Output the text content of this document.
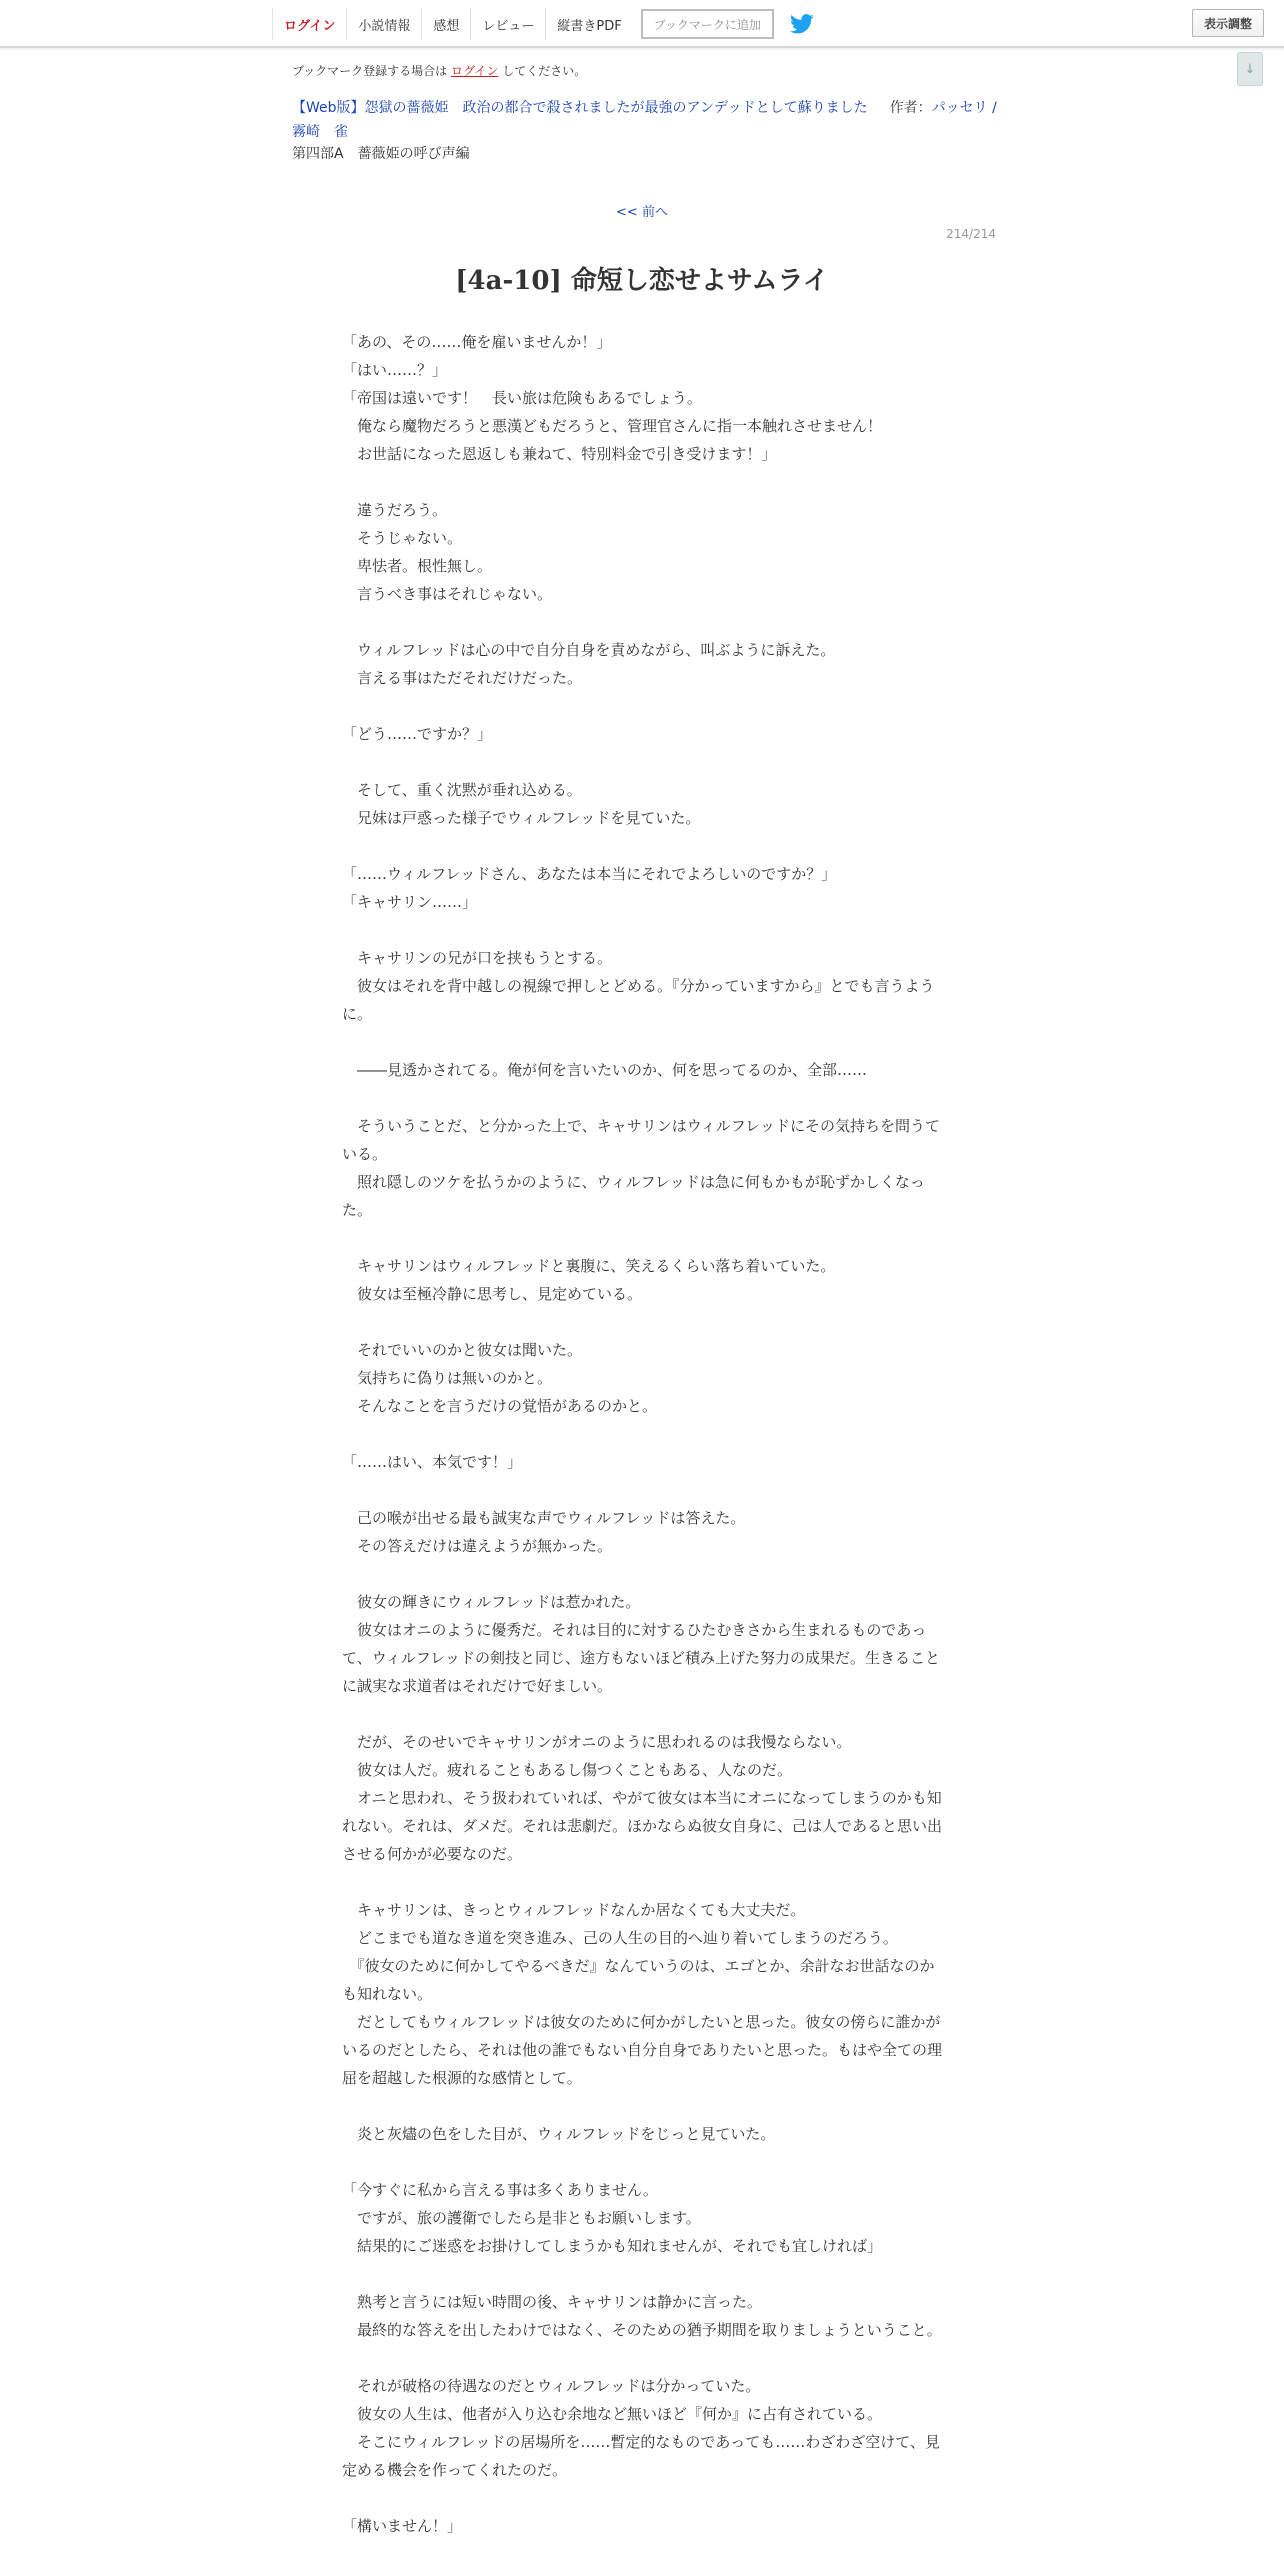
ログイン	小説情報	感想	レビュー	縦書きPDF	ブックマークに追加	表示調整
↓
ブックマーク登録する場合は ログイン してください。
【Web版】怨獄の薔薇姫　政治の都合で殺されましたが最強のアンデッドとして蘇りました 作者：パッセリ / 霧崎　雀
第四部A　薔薇姫の呼び声編
<< 前へ
214/214
[4a-10] 命短し恋せよサムライ

「あの、その……俺を雇いませんか！」

「はい……？」

「帝国は遠いです！　長い旅は危険もあるでしょう。

　俺なら魔物だろうと悪漢どもだろうと、管理官さんに指一本触れさせません！

　お世話になった恩返しも兼ねて、特別料金で引き受けます！」

　違うだろう。

　そうじゃない。

　卑怯者。根性無し。

　言うべき事はそれじゃない。

　ウィルフレッドは心の中で自分自身を責めながら、叫ぶように訴えた。

　言える事はただそれだけだった。

「どう……ですか？」

　そして、重く沈黙が垂れ込める。

　兄妹は戸惑った様子でウィルフレッドを見ていた。

「……ウィルフレッドさん、あなたは本当にそれでよろしいのですか？」

「キャサリン……」

　キャサリンの兄が口を挟もうとする。

　彼女はそれを背中越しの視線で押しとどめる。『分かっていますから』とでも言うように。

　――見透かされてる。俺が何を言いたいのか、何を思ってるのか、全部……

　そういうことだ、と分かった上で、キャサリンはウィルフレッドにその気持ちを問うている。

　照れ隠しのツケを払うかのように、ウィルフレッドは急に何もかもが恥ずかしくなった。

　キャサリンはウィルフレッドと裏腹に、笑えるくらい落ち着いていた。

　彼女は至極冷静に思考し、見定めている。

　それでいいのかと彼女は聞いた。

　気持ちに偽りは無いのかと。

　そんなことを言うだけの覚悟があるのかと。

「……はい、本気です！」

　己の喉が出せる最も誠実な声でウィルフレッドは答えた。

　その答えだけは違えようが無かった。

　彼女の輝きにウィルフレッドは惹かれた。

　彼女はオニのように優秀だ。それは目的に対するひたむきさから生まれるものであって、ウィルフレッドの剣技と同じ、途方もないほど積み上げた努力の成果だ。生きることに誠実な求道者はそれだけで好ましい。

　だが、そのせいでキャサリンがオニのように思われるのは我慢ならない。

　彼女は人だ。疲れることもあるし傷つくこともある、人なのだ。

　オニと思われ、そう扱われていれば、やがて彼女は本当にオニになってしまうのかも知れない。それは、ダメだ。それは悲劇だ。ほかならぬ彼女自身に、己は人であると思い出させる何かが必要なのだ。

　キャサリンは、きっとウィルフレッドなんか居なくても大丈夫だ。

　どこまでも道なき道を突き進み、己の人生の目的へ辿り着いてしまうのだろう。

　『彼女のために何かしてやるべきだ』なんていうのは、エゴとか、余計なお世話なのかも知れない。

　だとしてもウィルフレッドは彼女のために何かがしたいと思った。彼女の傍らに誰かがいるのだとしたら、それは他の誰でもない自分自身でありたいと思った。もはや全ての理屈を超越した根源的な感情として。

　炎と灰燼の色をした目が、ウィルフレッドをじっと見ていた。

「今すぐに私から言える事は多くありません。

　ですが、旅の護衛でしたら是非ともお願いします。

　結果的にご迷惑をお掛けしてしまうかも知れませんが、それでも宜しければ」

　熟考と言うには短い時間の後、キャサリンは静かに言った。

　最終的な答えを出したわけではなく、そのための猶予期間を取りましょうということ。

　それが破格の待遇なのだとウィルフレッドは分かっていた。

　彼女の人生は、他者が入り込む余地など無いほど『何か』に占有されている。

　そこにウィルフレッドの居場所を……暫定的なものであっても……わざわざ空けて、見定める機会を作ってくれたのだ。

「構いません！」
